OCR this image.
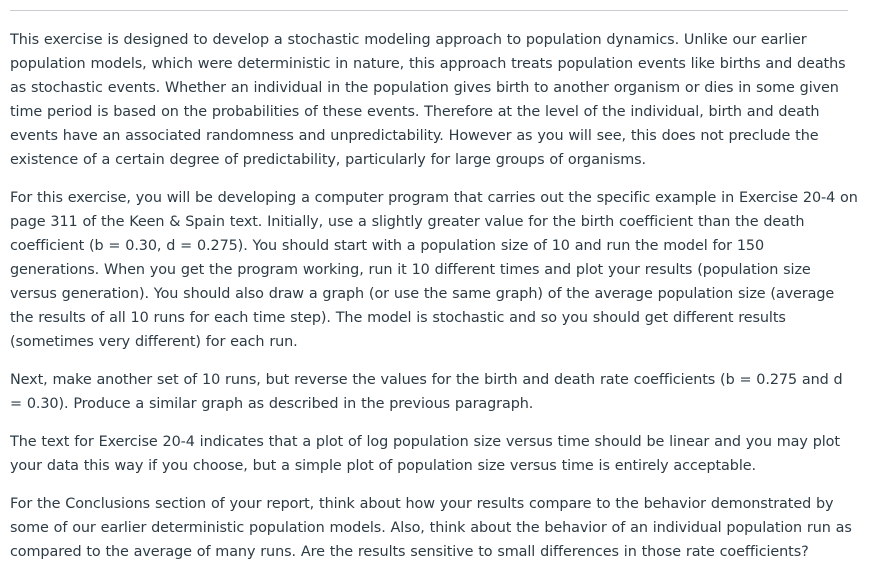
This exercise is designed to develop a stochastic modeling approach to population dynamics. Unlike our earlier population models, which were deterministic in nature, this approach treats population events like births and deaths as stochastic events. Whether an individual in the population gives birth to another organism or dies in some given time period is based on the probabilities of these events. Therefore at the level of the individual, birth and death events have an associated randomness and unpredictability. However as you will see, this does not preclude the existence of a certain degree of predictability, particularly for large groups of organisms.

For this exercise, you will be developing a computer program that carries out the specific example in Exercise 20-4 on page 311 of the Keen & Spain text. Initially, use a slightly greater value for the birth coefficient than the death coefficient (b = 0.30, d = 0.275). You should start with a population size of 10 and run the model for 150 generations. When you get the program working, run it 10 different times and plot your results (population size versus generation). You should also draw a graph (or use the same graph) of the average population size (average the results of all 10 runs for each time step). The model is stochastic and so you should get different results (sometimes very different) for each run.

Next, make another set of 10 runs, but reverse the values for the birth and death rate coefficients (b = 0.275 and d = 0.30). Produce a similar graph as described in the previous paragraph.

The text for Exercise 20-4 indicates that a plot of log population size versus time should be linear and you may plot your data this way if you choose, but a simple plot of population size versus time is entirely acceptable.

For the Conclusions section of your report, think about how your results compare to the behavior demonstrated by some of our earlier deterministic population models. Also, think about the behavior of an individual population run as compared to the average of many runs. Are the results sensitive to small differences in those rate coefficients?
